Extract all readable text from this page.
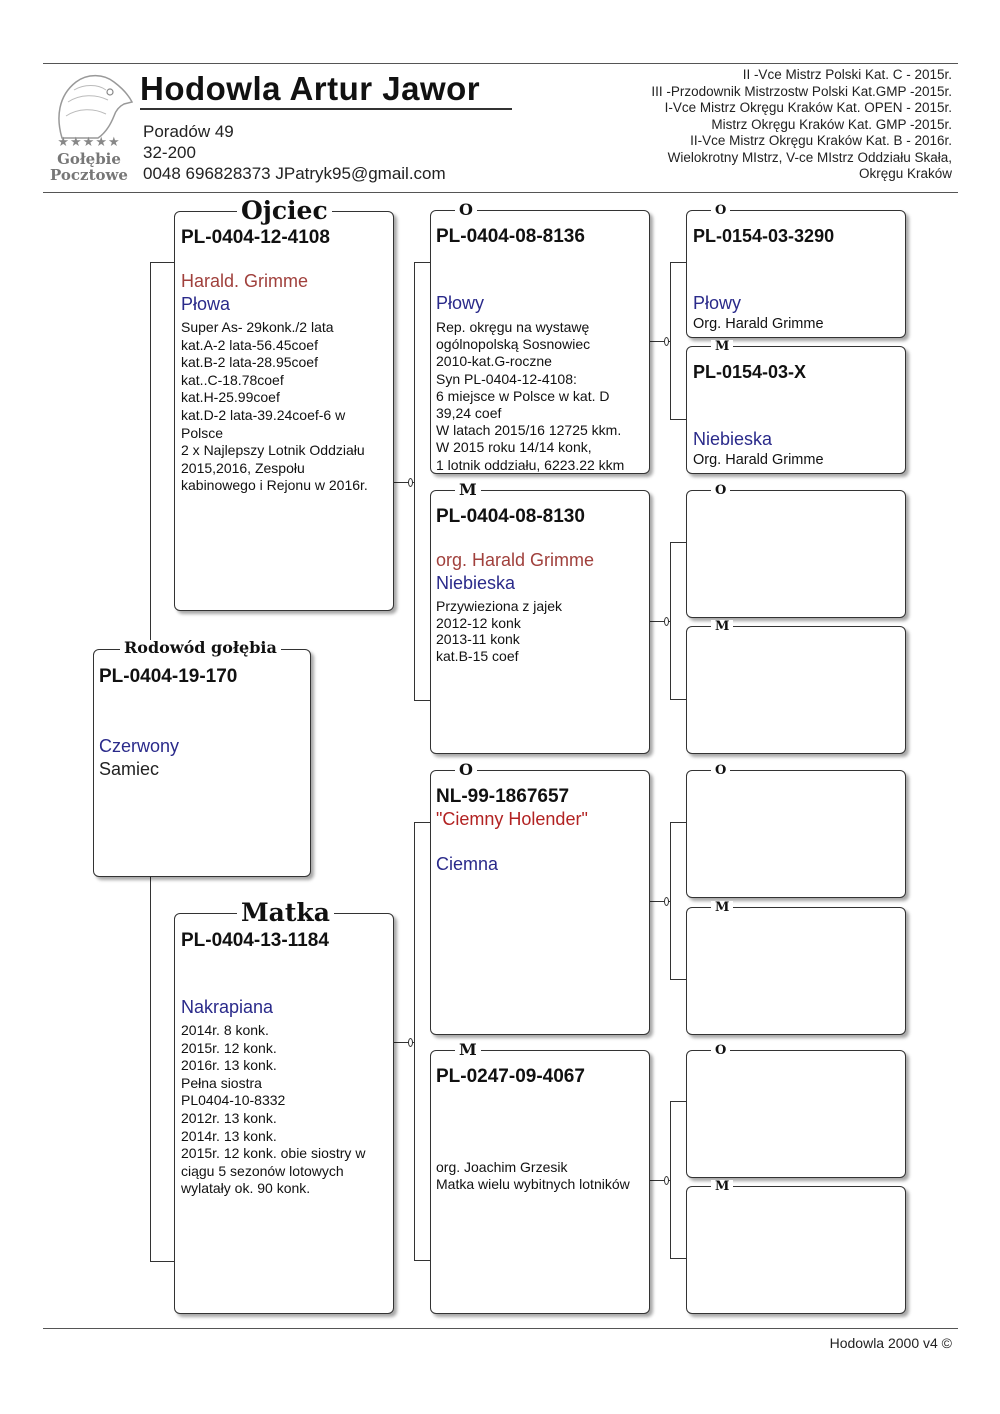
★★★★★
Gołębie
Pocztowe
Hodowla Artur Jawor
Poradów 49
32-200
0048 696828373 JPatryk95@gmail.com
II -Vce Mistrz Polski Kat. C - 2015r.
III -Przodownik Mistrzostw Polski Kat.GMP -2015r.
I-Vce Mistrz Okręgu Kraków Kat. OPEN - 2015r.
Mistrz Okręgu Kraków Kat. GMP -2015r.
II-Vce Mistrz Okręgu Kraków Kat. B - 2016r.
Wielokrotny MIstrz, V-ce MIstrz Oddziału Skała,
Okręgu Kraków
Rodowód gołębia
PL-0404-19-170
Czerwony
Samiec
Ojciec
PL-0404-12-4108
Harald. Grimme
Płowa
Super As- 29konk./2 lata
kat.A-2 lata-56.45coef
kat.B-2 lata-28.95coef
kat..C-18.78coef
kat.H-25.99coef
kat.D-2 lata-39.24coef-6 w
Polsce
2 x Najlepszy Lotnik Oddziału
2015,2016, Zespołu
kabinowego i Rejonu w 2016r.
Matka
PL-0404-13-1184
Nakrapiana
2014r. 8 konk.
2015r. 12 konk.
2016r. 13 konk.
Pełna siostra
PL0404-10-8332
2012r. 13 konk.
2014r. 13 konk.
2015r. 12 konk. obie siostry w
ciągu 5 sezonów lotowych
wylatały ok. 90 konk.
O
PL-0404-08-8136
Płowy
Rep. okręgu na wystawę
ogólnopolską Sosnowiec
2010-kat.G-roczne
Syn PL-0404-12-4108:
6 miejsce w Polsce w kat. D
39,24 coef
W latach 2015/16 12725 kkm.
W 2015 roku 14/14 konk,
1 lotnik oddziału, 6223.22 kkm
M
PL-0404-08-8130
org. Harald Grimme
Niebieska
Przywieziona z jajek
2012-12 konk
2013-11 konk
kat.B-15 coef
O
NL-99-1867657
"Ciemny Holender"
Ciemna
M
PL-0247-09-4067
org. Joachim Grzesik
Matka wielu wybitnych lotników
O
PL-0154-03-3290
Płowy
Org. Harald Grimme
M
PL-0154-03-X
Niebieska
Org. Harald Grimme
O
M
O
M
O
M
Hodowla 2000 v4 ©
